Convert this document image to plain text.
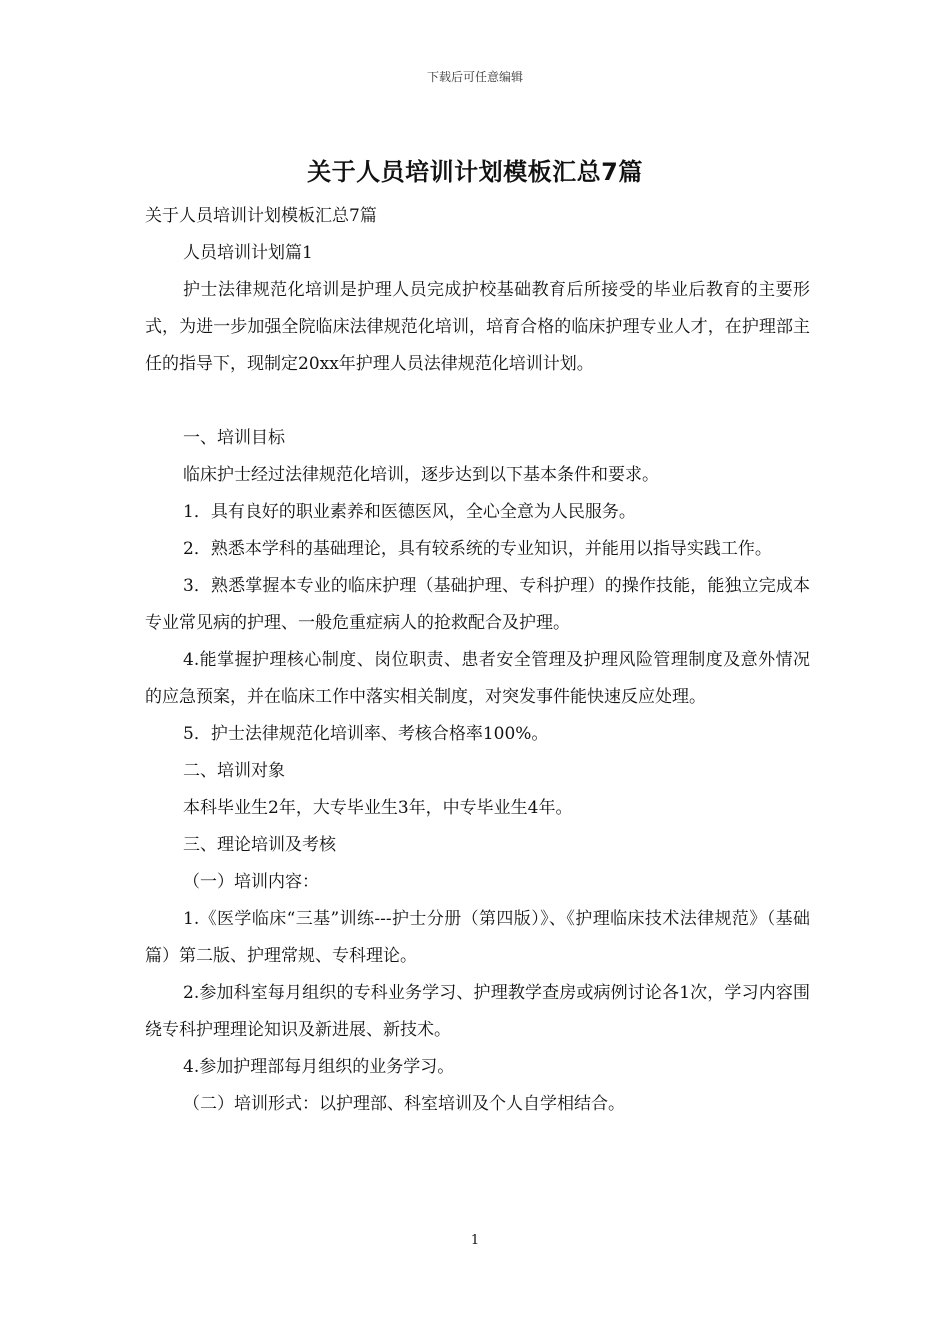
下载后可任意编辑
关于人员培训计划模板汇总7篇

关于人员培训计划模板汇总7篇

人员培训计划篇1

护士法律规范化培训是护理人员完成护校基础教育后所接受的毕业后教育的主要形式，为进一步加强全院临床法律规范化培训，培育合格的临床护理专业人才，在护理部主任的指导下，现制定20xx年护理人员法律规范化培训计划。

一、培训目标

临床护士经过法律规范化培训，逐步达到以下基本条件和要求。

1．具有良好的职业素养和医德医风，全心全意为人民服务。

2．熟悉本学科的基础理论，具有较系统的专业知识，并能用以指导实践工作。

3．熟悉掌握本专业的临床护理（基础护理、专科护理）的操作技能，能独立完成本专业常见病的护理、一般危重症病人的抢救配合及护理。

4.能掌握护理核心制度、岗位职责、患者安全管理及护理风险管理制度及意外情况的应急预案，并在临床工作中落实相关制度，对突发事件能快速反应处理。

5．护士法律规范化培训率、考核合格率100%。

二、培训对象

本科毕业生2年，大专毕业生3年，中专毕业生4年。

三、理论培训及考核

（一）培训内容：

1.《医学临床“三基”训练---护士分册（第四版）》、《护理临床技术法律规范》（基础篇）第二版、护理常规、专科理论。

2.参加科室每月组织的专科业务学习、护理教学查房或病例讨论各1次，学习内容围绕专科护理理论知识及新进展、新技术。

4.参加护理部每月组织的业务学习。

（二）培训形式：以护理部、科室培训及个人自学相结合。

1
